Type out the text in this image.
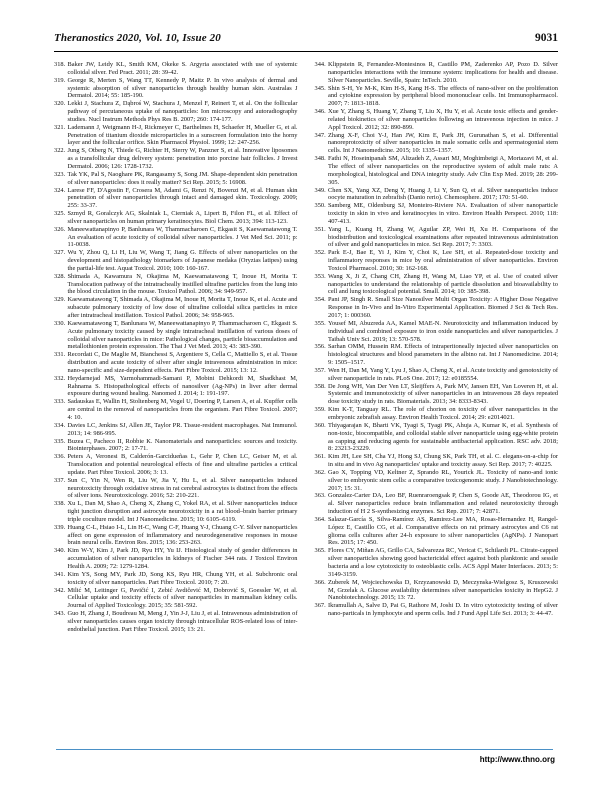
Theranostics 2020, Vol. 10, Issue 20	9031
318. Baker JW, Leidy KL, Smith KM, Okeke S. Argyria associated with use of systemic colloidal silver. Fed Pract. 2011; 28: 39-42.
319. George R, Merten S, Wang TT, Kennedy P, Maitz P. In vivo analysis of dermal and systemic absorption of silver nanoparticles through healthy human skin. Australas J Dermatol. 2014; 55: 185-190.
320. Lekki J, Stachura Z, Dąbroś W, Stachura J, Menzel F, Reinert T, et al. On the follicular pathway of percutaneous uptake of nanoparticles: Ion microscopy and autoradiography studies. Nucl Instrum Methods Phys Res B. 2007; 260: 174-177.
321. Lademann J, Weigmann H-J, Rickmeyer C, Barthelmes H, Schaefer H, Mueller G, et al. Penetration of titanium dioxide microparticles in a sunscreen formulation into the horny layer and the follicular orifice. Skin Pharmacol Physiol. 1999; 12: 247-256.
322. Jung S, Otberg N, Thiede G, Richter H, Sterry W, Panzner S, et al. Innovative liposomes as a transfollicular drug delivery system: penetration into porcine hair follicles. J Invest Dermatol. 2006; 126: 1728-1732.
323. Tak YK, Pal S, Naoghare PK, Rangasamy S, Song JM. Shape-dependent skin penetration of silver nanoparticles: does it really matter? Sci Rep. 2015; 5: 16908.
324. Larese FF, D'Agostin F, Crosera M, Adami G, Renzi N, Bovenzi M, et al. Human skin penetration of silver nanoparticles through intact and damaged skin. Toxicology. 2009; 255: 33-37.
325. Szmyd R, Goralczyk AG, Skalniak L, Cierniak A, Lipert B, Filon FL, et al. Effect of silver nanoparticles on human primary keratinocytes. Biol Chem. 2013; 394: 113-123.
326. Maneewattanapinyo P, Banlunara W, Thammacharoen C, Ekgasit S, Kaewamatawong T. An evaluation of acute toxicity of colloidal silver nanoparticles. J Vet Med Sci. 2011; p: 11-0038.
327. Wu Y, Zhou Q, Li H, Liu W, Wang T, Jiang G. Effects of silver nanoparticles on the development and histopathology biomarkers of Japanese medaka (Oryzias latipes) using the partial-life test. Aquat Toxicol. 2010; 100: 160-167.
328. Shimada A, Kawamura N, Okajima M, Kaewamatawong T, Inoue H, Morita T. Translocation pathway of the intratracheally instilled ultrafine particles from the lung into the blood circulation in the mouse. Toxicol Pathol. 2006; 34: 949-957.
329. Kaewamatawong T, Shimada A, Okajima M, Inoue H, Morita T, Inoue K, et al. Acute and subacute pulmonary toxicity of low dose of ultrafine colloidal silica particles in mice after intratracheal instillation. Toxicol Pathol. 2006; 34: 958-965.
330. Kaewamatawong T, Banlunara W, Maneewattanapinyo P, Thammacharoen C, Ekgasit S. Acute pulmonary toxicity caused by single intratracheal instillation of various doses of colloidal silver nanoparticles in mice: Pathological changes, particle bioaccumulation and metallothionien protein expression. The Thai J Vet Med. 2013; 43: 383-390.
331. Recordati C, De Maglie M, Bianchessi S, Argentiere S, Cella C, Mattiello S, et al. Tissue distribution and acute toxicity of silver after single intravenous administration in mice: nano-specific and size-dependent effects. Part Fibre Toxicol. 2015; 13: 12.
332. Heydarnejad MS, Yarmohammadi-Samani P, Mobini Dehkordi M, Shadkhast M, Rahnama S. Histopathological effects of nanosilver (Ag-NPs) in liver after dermal exposure during wound healing. Nanomed J. 2014; 1: 191-197.
333. Sadauskas E, Wallin H, Stoltenberg M, Vogel U, Doering P, Larsen A, et al. Kupffer cells are central in the removal of nanoparticles from the organism. Part Fibre Toxicol. 2007; 4: 10.
334. Davies LC, Jenkins SJ, Allen JE, Taylor PR. Tissue-resident macrophages. Nat Immunol. 2013; 14: 986-995.
335. Buzea C, Pacheco II, Robbie K. Nanomaterials and nanoparticles: sources and toxicity. Biointerphases. 2007; 2: 17-71.
336. Peters A, Veronesi B, Calderón-Garcidueñas L, Gehr P, Chen LC, Geiser M, et al. Translocation and potential neurological effects of fine and ultrafine particles a critical update. Part Fibre Toxicol. 2006; 3: 13.
337. Sun C, Yin N, Wen R, Liu W, Jia Y, Hu L, et al. Silver nanoparticles induced neurotoxicity through oxidative stress in rat cerebral astrocytes is distinct from the effects of silver ions. Neurotoxicology. 2016; 52: 210-221.
338. Xu L, Dan M, Shao A, Cheng X, Zhang C, Yokel RA, et al. Silver nanoparticles induce tight junction disruption and astrocyte neurotoxicity in a rat blood–brain barrier primary triple coculture model. Int J Nanomedicine. 2015; 10: 6105–6119.
339. Huang C-L, Hsiao I-L, Lin H-C, Wang C-F, Huang Y-J, Chuang C-Y. Silver nanoparticles affect on gene expression of inflammatory and neurodegenerative responses in mouse brain neural cells. Environ Res. 2015; 136: 253-263.
340. Kim W-Y, Kim J, Park JD, Ryu HY, Yu IJ. Histological study of gender differences in accumulation of silver nanoparticles in kidneys of Fischer 344 rats. J Toxicol Environ Health A. 2009; 72: 1279-1284.
341. Kim YS, Song MY, Park JD, Song KS, Ryu HR, Chung YH, et al. Subchronic oral toxicity of silver nanoparticles. Part Fibre Toxicol. 2010; 7: 20.
342. Milić M, Leitinger G, Pavičić I, Zebić Avdičević M, Dobrović S, Goessler W, et al. Cellular uptake and toxicity effects of silver nanoparticles in mammalian kidney cells. Journal of Applied Toxicology. 2015; 35: 581-592.
343. Guo H, Zhang J, Boudreau M, Meng J, Yin J-J, Liu J, et al. Intravenous administration of silver nanoparticles causes organ toxicity through intracellular ROS-related loss of inter-endothelial junction. Part Fibre Toxicol. 2015; 13: 21.
344. Klippstein R, Fernandez-Montesinos R, Castillo PM, Zaderenko AP, Pozo D. Silver nanoparticles interactions with the immune system: implications for health and disease. Silver Nanoparticles. Seville, Spain: InTech. 2010.
345. Shin S-H, Ye M-K, Kim H-S, Kang H-S. The effects of nano-silver on the proliferation and cytokine expression by peripheral blood mononuclear cells. Int Immunopharmacol. 2007; 7: 1813-1818.
346. Xue Y, Zhang S, Huang Y, Zhang T, Liu X, Hu Y, et al. Acute toxic effects and gender-related biokinetics of silver nanoparticles following an intravenous injection in mice. J Appl Toxicol. 2012; 32: 890-899.
347. Zhang X-F, Choi Y-J, Han JW, Kim E, Park JH, Gurunathan S, et al. Differential nanoreprotoxicity of silver nanoparticles in male somatic cells and spermatogonial stem cells. Int J Nanomedicine. 2015; 10: 1335–1357.
348. Fathi N, Hoseinipanah SM, Alizadeh Z, Assari MJ, Moghimbeigi A, Mortazavi M, et al. The effect of silver nanoparticles on the reproductive system of adult male rats: A morphological, histological and DNA integrity study. Adv Clin Exp Med. 2019; 28: 299-305.
349. Chen SX, Yang XZ, Deng Y, Huang J, Li Y, Sun Q, et al. Silver nanoparticles induce oocyte maturation in zebrafish (Danio rerio). Chemosphere. 2017; 170: 51-60.
350. Samberg ME, Oldenburg SJ, Monteiro-Riviere NA. Evaluation of silver nanoparticle toxicity in skin in vivo and keratinocytes in vitro. Environ Health Perspect. 2010; 118: 407-413.
351. Yang L, Kuang H, Zhang W, Aguilar ZP, Wei H, Xu H. Comparisons of the biodistribution and toxicological examinations after repeated intravenous administration of silver and gold nanoparticles in mice. Sci Rep. 2017; 7: 3303.
352. Park E-J, Bae E, Yi J, Kim Y, Choi K, Lee SH, et al. Repeated-dose toxicity and inflammatory responses in mice by oral administration of silver nanoparticles. Environ Toxicol Pharmacol. 2010; 30: 162-168.
353. Wang X, Ji Z, Chang CH, Zhang H, Wang M, Liao YP, et al. Use of coated silver nanoparticles to understand the relationship of particle dissolution and bioavailability to cell and lung toxicological potential. Small. 2014; 10: 385-398.
354. Pani JP, Singh R. Small Size Nanosilver Multi Organ Toxicity: A Higher Dose Negative Response in In-Vivo and In-Vitro Experimental Application. Biomed J Sci & Tech Res. 2017; 1: 000360.
355. Yousef MI, Abuzreda AA, Kamel MAE-N. Neurotoxicity and inflammation induced by individual and combined exposure to iron oxide nanoparticles and silver nanoparticles. J Taibah Univ Sci. 2019; 13: 570-578.
356. Sarhan OMM, Hussein RM. Effects of intraperitoneally injected silver nanoparticles on histological structures and blood parameters in the albino rat. Int J Nanomedicine. 2014; 9: 1505–1517.
357. Wen H, Dan M, Yang Y, Lyu J, Shao A, Cheng X, et al. Acute toxicity and genotoxicity of silver nanoparticle in rats. PLoS One. 2017; 12: e0185554.
358. De Jong WH, Van Der Ven LT, Sleijffers A, Park MV, Jansen EH, Van Loveren H, et al. Systemic and immunotoxicity of silver nanoparticles in an intravenous 28 days repeated dose toxicity study in rats. Biomaterials. 2013; 34: 8333-8343.
359. Kim K-T, Tanguay RL. The role of chorion on toxicity of silver nanoparticles in the embryonic zebrafish assay. Environ Health Toxicol. 2014; 29: e2014021.
360. Thiyagarajan K, Bharti VK, Tyagi S, Tyagi PK, Ahuja A, Kumar K, et al. Synthesis of non-toxic, biocompatible, and colloidal stable silver nanoparticle using egg-white protein as capping and reducing agents for sustainable antibacterial application. RSC adv. 2018; 8: 23213-23229.
361. Kim JH, Lee SH, Cha YJ, Hong SJ, Chung SK, Park TH, et al. C. elegans-on-a-chip for in situ and in vivo Ag nanoparticles' uptake and toxicity assay. Sci Rep. 2017; 7: 40225.
362. Gao X, Topping VD, Keltner Z, Sprando RL, Yourick JL. Toxicity of nano-and ionic silver to embryonic stem cells: a comparative toxicogenomic study. J Nanobiotechnology. 2017; 15: 31.
363. Gonzalez-Carter DA, Leo BF, Ruenraroengsak P, Chen S, Goode AE, Theodorou IG, et al. Silver nanoparticles reduce brain inflammation and related neurotoxicity through induction of H 2 S-synthesizing enzymes. Sci Rep. 2017; 7: 42871.
364. Salazar-García S, Silva-Ramírez AS, Ramirez-Lee MA, Rosas-Hernandez H, Rangel-López E, Castillo CG, et al. Comparative effects on rat primary astrocytes and C6 rat glioma cells cultures after 24-h exposure to silver nanoparticles (AgNPs). J Nanopart Res. 2015; 17: 450.
365. Flores CY, Miñan AG, Grillo CA, Salvarezza RC, Vericat C, Schilardi PL. Citrate-capped silver nanoparticles showing good bactericidal effect against both planktonic and sessile bacteria and a low cytotoxicity to osteoblastic cells. ACS Appl Mater Interfaces. 2013; 5: 3149-3159.
366. Zuberek M, Wojciechowska D, Krzyzanowski D, Meczynska-Wielgosz S, Kruszewski M, Grzelak A. Glucose availability determines silver nanoparticles toxicity in HepG2. J Nanobiotechnology. 2015; 13: 72.
367. Ikramullah A, Salve D, Pai G, Rathore M, Joshi D. In vitro cytotoxicity testing of silver nano-particals in lymphocyte and sperm cells. Ind J Fund Appl Life Sci. 2013; 3: 44-47.
http://www.thno.org
